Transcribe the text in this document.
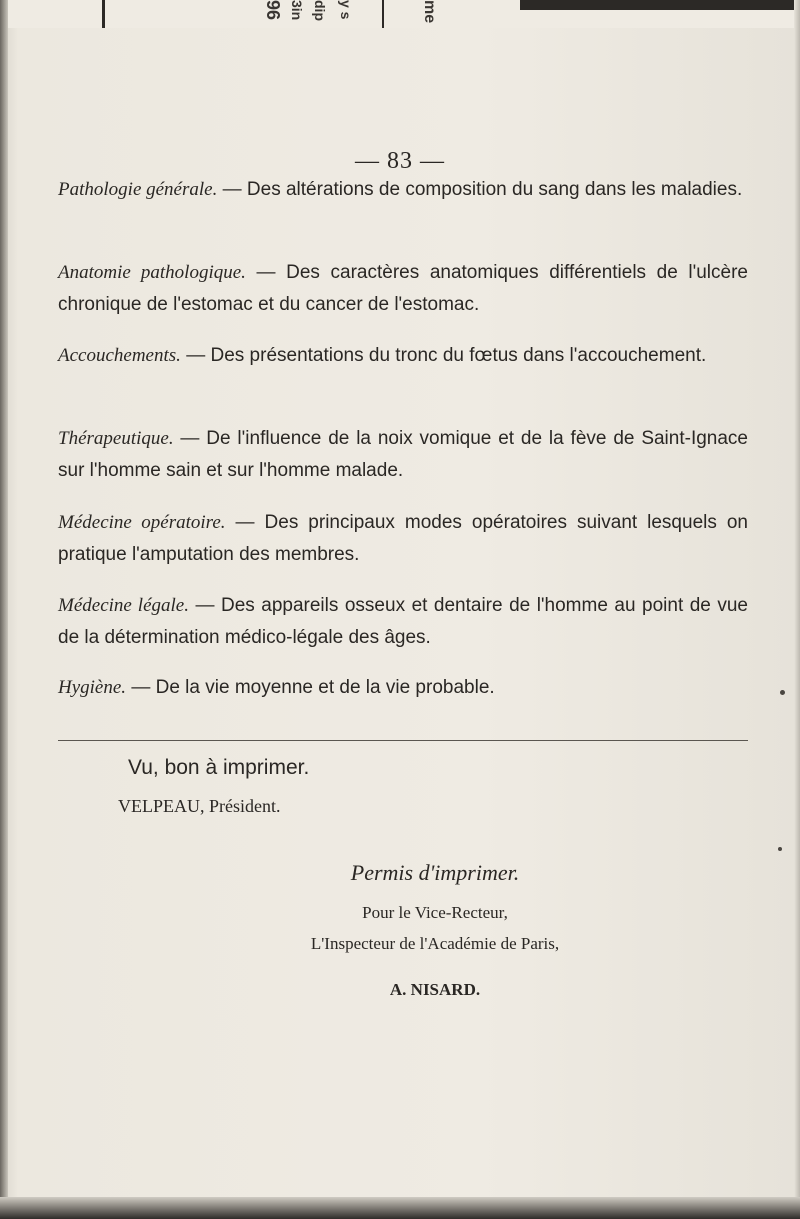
96 3in dip y s	me
— 83 —
Pathologie générale. — Des altérations de composition du sang dans les maladies.
Anatomie pathologique. — Des caractères anatomiques différentiels de l'ulcère chronique de l'estomac et du cancer de l'estomac.
Accouchements. — Des présentations du tronc du fœtus dans l'accouchement.
Thérapeutique. — De l'influence de la noix vomique et de la fève de Saint-Ignace sur l'homme sain et sur l'homme malade.
Médecine opératoire. — Des principaux modes opératoires suivant lesquels on pratique l'amputation des membres.
Médecine légale. — Des appareils osseux et dentaire de l'homme au point de vue de la détermination médico-légale des âges.
Hygiène. — De la vie moyenne et de la vie probable.
Vu, bon à imprimer.
VELPEAU, Président.
Permis d'imprimer.
Pour le Vice-Recteur,
L'Inspecteur de l'Académie de Paris,
A. NISARD.
